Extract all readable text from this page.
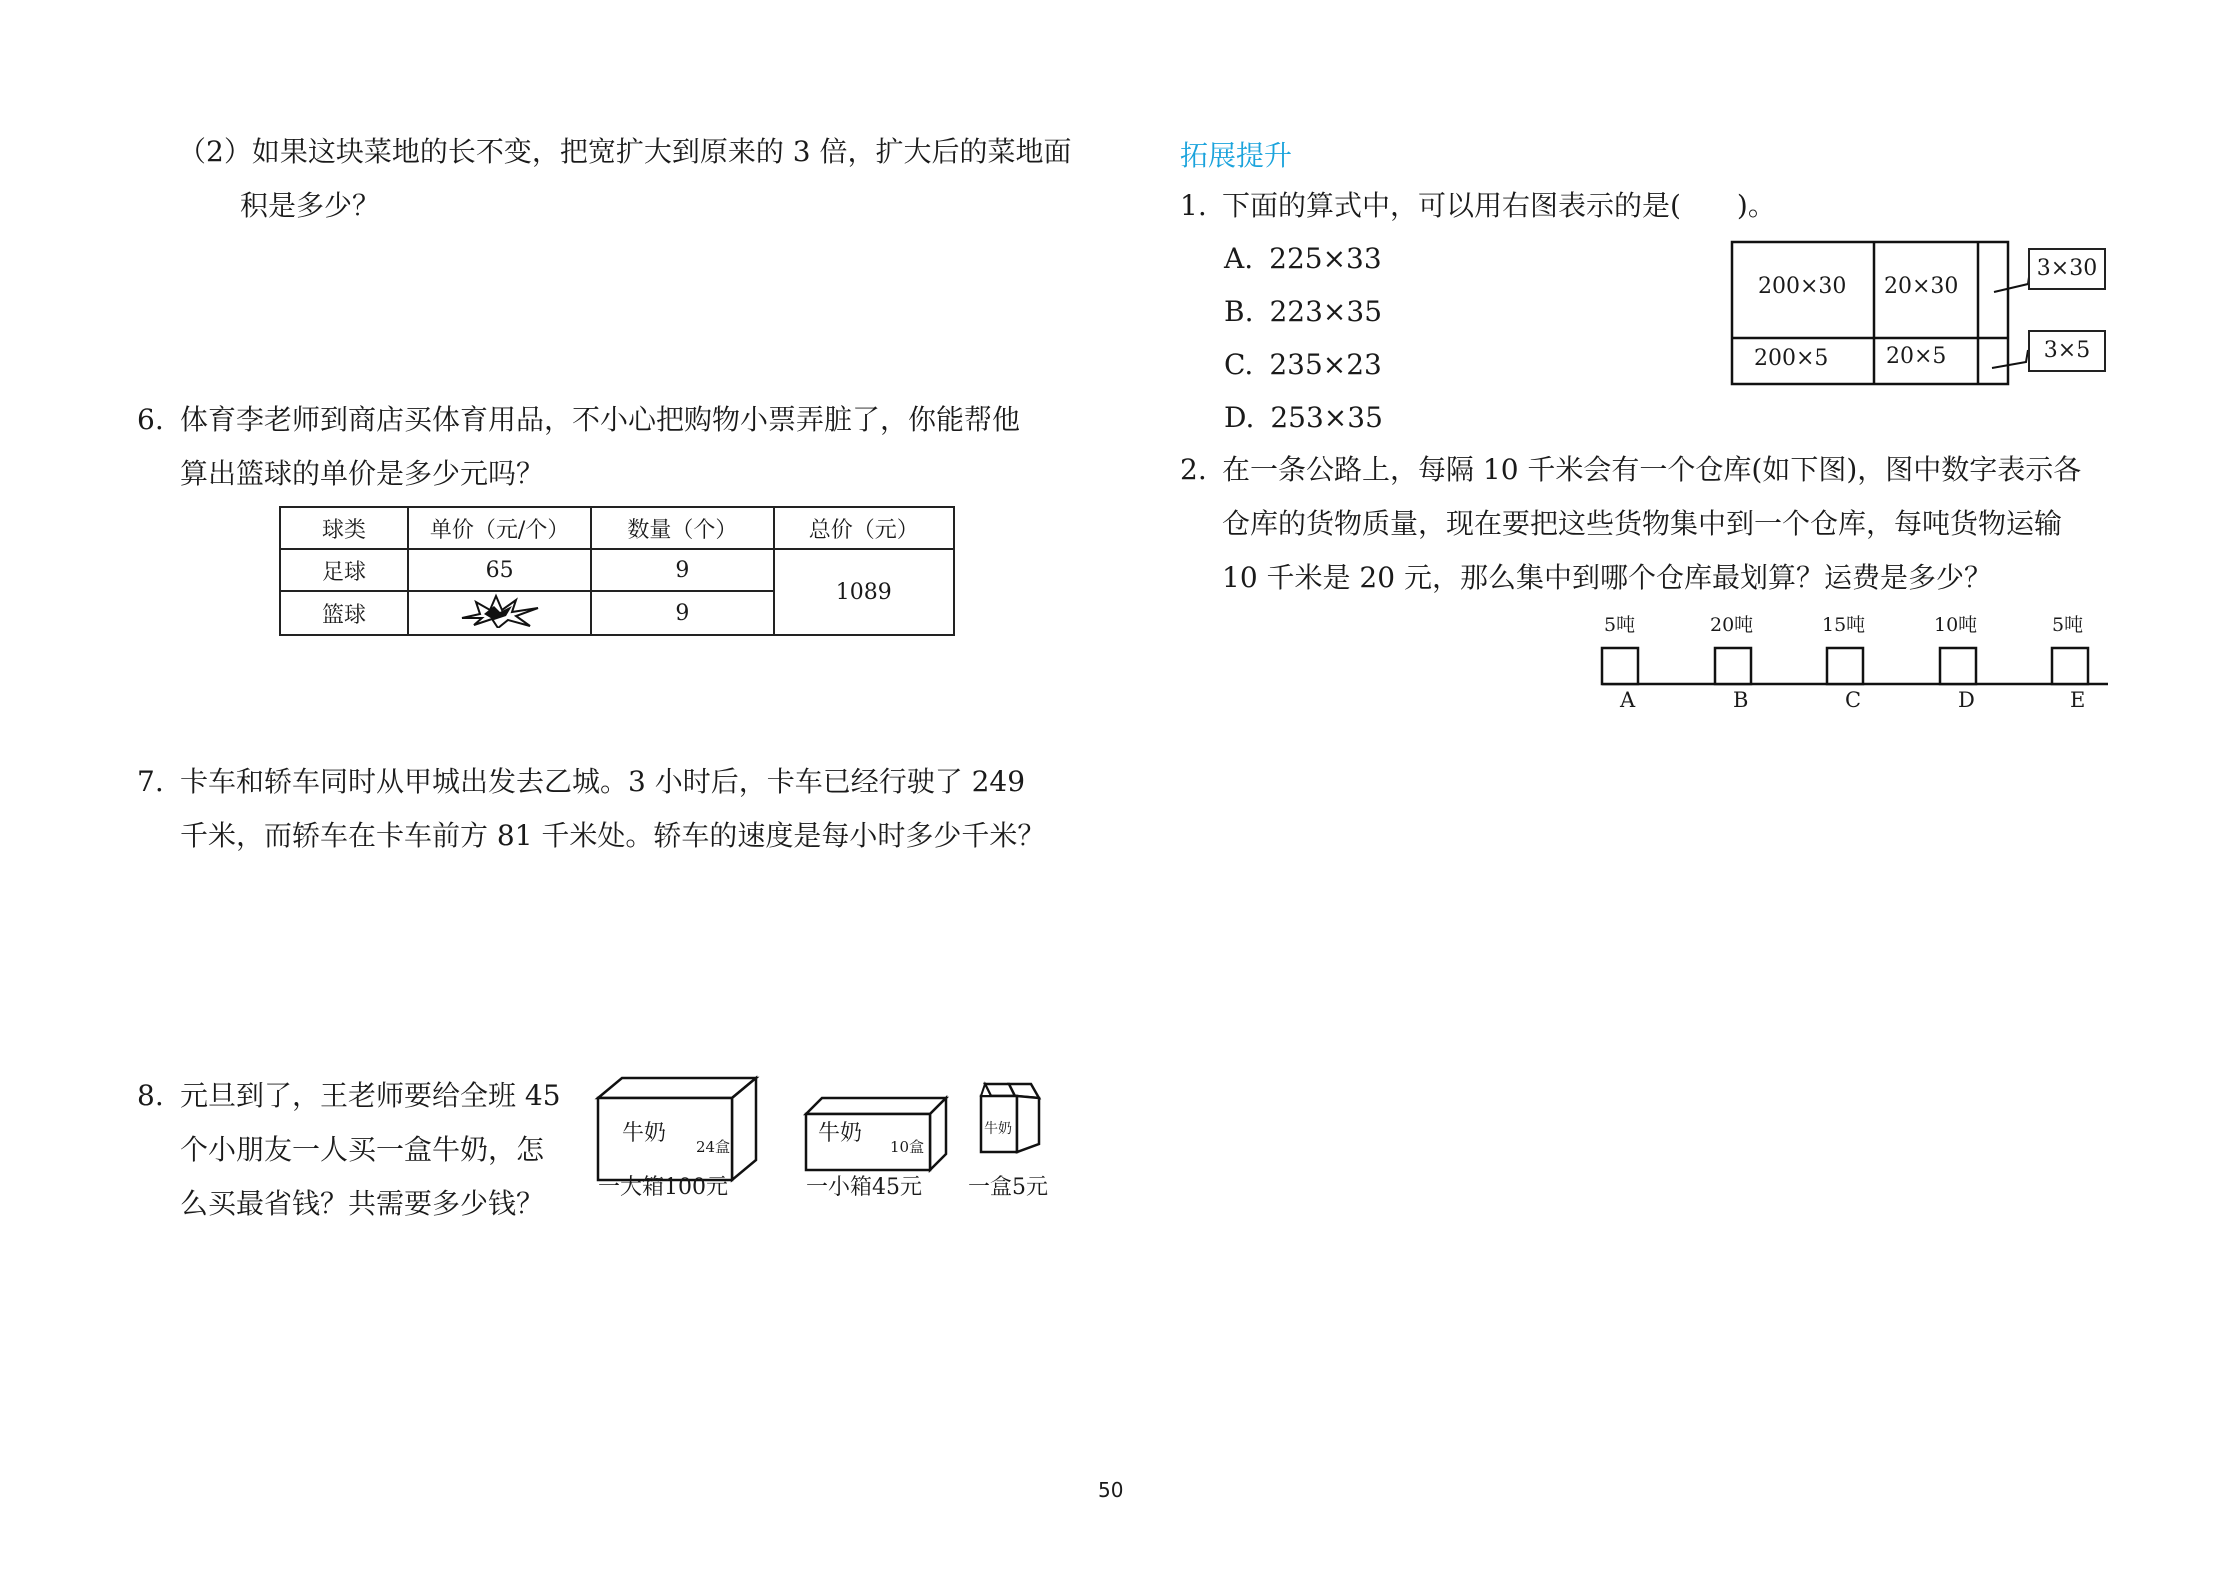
（2）如果这块菜地的长不变，把宽扩大到原来的 3 倍，扩大后的菜地面
积是多少？
6. 体育李老师到商店买体育用品，不小心把购物小票弄脏了，你能帮他
算出篮球的单价是多少元吗？
球类	单价（元/个）	数量（个）	总价（元）
足球	65	9	1089
篮球		9	
7. 卡车和轿车同时从甲城出发去乙城。3 小时后，卡车已经行驶了 249
千米，而轿车在卡车前方 81 千米处。轿车的速度是每小时多少千米？
8. 元旦到了，王老师要给全班 45
个小朋友一人买一盒牛奶，怎
么买最省钱？共需要多少钱？
牛奶
24盒
一大箱100元
牛奶
10盒
一小箱45元
牛奶
一盒5元
拓展提升
1. 下面的算式中，可以用右图表示的是(　　)。
A. 225×33
B. 223×35
C. 235×23
D. 253×35
200×30 20×30
200×5	20×5
3×30
3×5
2. 在一条公路上，每隔 10 千米会有一个仓库(如下图)，图中数字表示各
仓库的货物质量，现在要把这些货物集中到一个仓库，每吨货物运输
10 千米是 20 元，那么集中到哪个仓库最划算？运费是多少？
5吨	20吨	15吨	10吨	5吨
A	B	C	D	E
50
